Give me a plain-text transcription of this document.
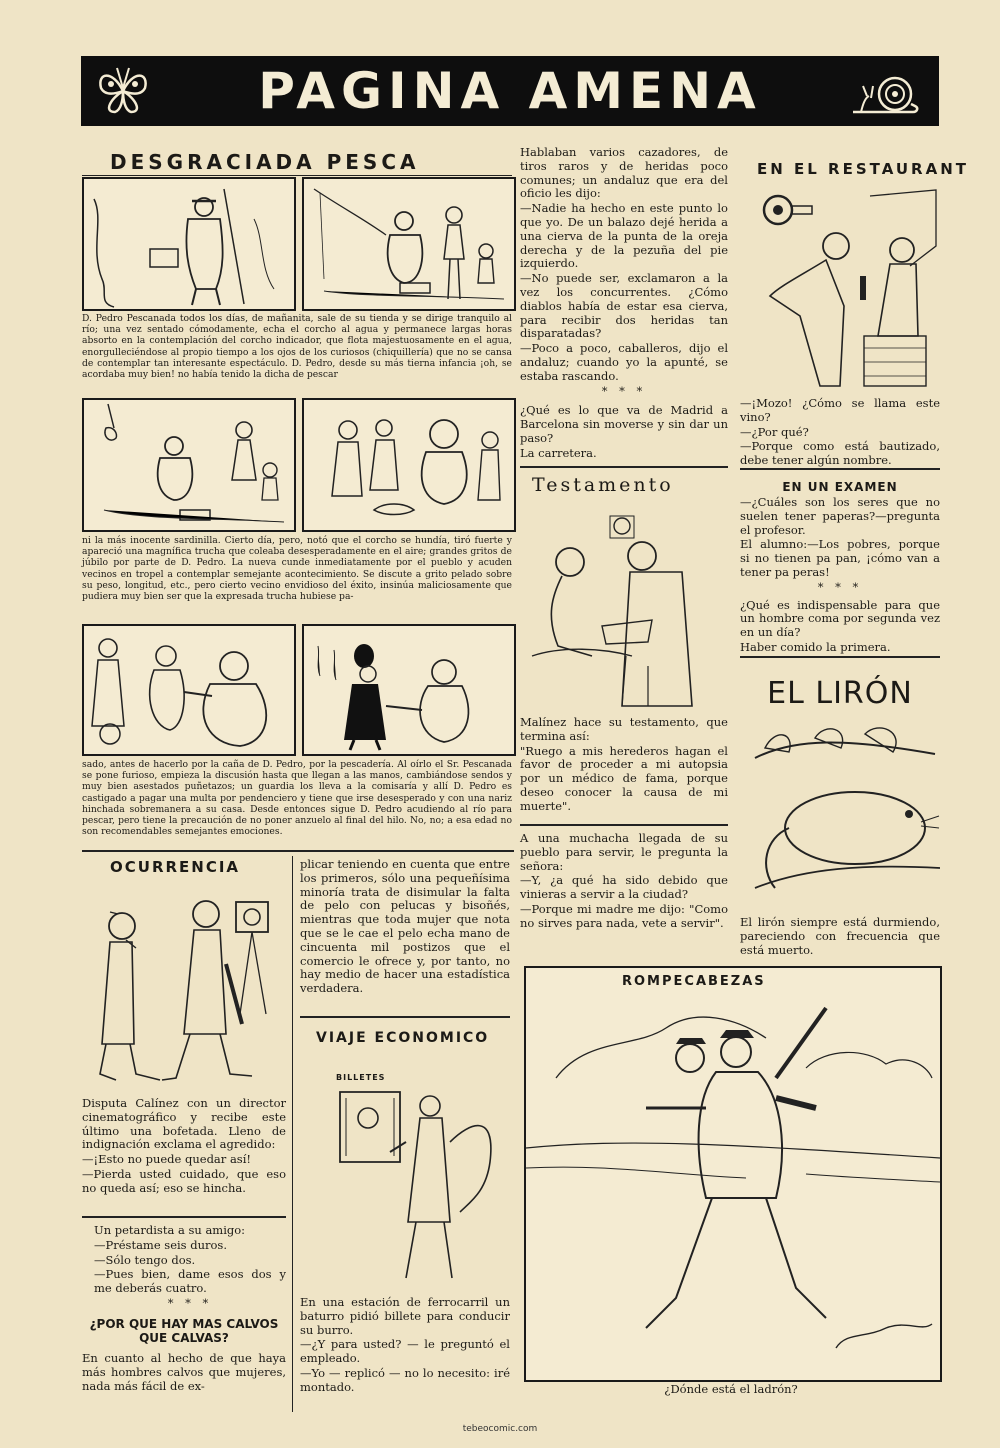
PAGINA AMENA
DESGRACIADA PESCA
D. Pedro Pescanada todos los días, de mañanita, sale de su tienda y se dirige tranquilo al río; una vez sentado cómodamente, echa el corcho al agua y permanece largas horas absorto en la contemplación del corcho indicador, que flota majestuosamente en el agua, enorgulleciéndose al propio tiempo a los ojos de los curiosos (chiquillería) que no se cansa de contemplar tan interesante espectáculo. D. Pedro, desde su más tierna infancia ¡oh, se acordaba muy bien! no había tenido la dicha de pescar
ni la más inocente sardinilla. Cierto día, pero, notó que el corcho se hundía, tiró fuerte y apareció una magnífica trucha que coleaba desesperadamente en el aire; grandes gritos de júbilo por parte de D. Pedro. La nueva cunde inmediatamente por el pueblo y acuden vecinos en tropel a contemplar semejante acontecimiento. Se discute a grito pelado sobre su peso, longitud, etc., pero cierto vecino envidioso del éxito, insinúa maliciosamente que pudiera muy bien ser que la expresada trucha hubiese pa-
sado, antes de hacerlo por la caña de D. Pedro, por la pescadería. Al oírlo el Sr. Pescanada se pone furioso, empieza la discusión hasta que llegan a las manos, cambiándose sendos y muy bien asestados puñetazos; un guardia los lleva a la comisaría y allí D. Pedro es castigado a pagar una multa por pendenciero y tiene que irse desesperado y con una nariz hinchada sobremanera a su casa. Desde entonces sigue D. Pedro acudiendo al río para pescar, pero tiene la precaución de no poner anzuelo al final del hilo. No, no; a esa edad no son recomendables semejantes emociones.

Hablaban varios cazadores, de tiros raros y de heridas poco comunes; un andaluz que era del oficio les dijo:

—Nadie ha hecho en este punto lo que yo. De un balazo dejé herida a una cierva de la punta de la oreja derecha y de la pezuña del pie izquierdo.

—No puede ser, exclamaron a la vez los concurrentes. ¿Cómo diablos había de estar esa cierva, para recibir dos heridas tan disparatadas?

—Poco a poco, caballeros, dijo el andaluz; cuando yo la apunté, se estaba rascando.

* * *

¿Qué es lo que va de Madrid a Barcelona sin moverse y sin dar un paso?

La carretera.

Testamento

Malínez hace su testamento, que termina así:

"Ruego a mis herederos hagan el favor de proceder a mi autopsia por un médico de fama, porque deseo conocer la causa de mi muerte".

A una muchacha llegada de su pueblo para servir, le pregunta la señora:

—Y, ¿a qué ha sido debido que vinieras a servir a la ciudad?

—Porque mi madre me dijo: "Como no sirves para nada, vete a servir".

EN EL RESTAURANT

—¡Mozo! ¿Cómo se llama este vino?

—¿Por qué?

—Porque como está bautizado, debe tener algún nombre.

EN UN EXAMEN

—¿Cuáles son los seres que no suelen tener paperas?—pregunta el profesor.

El alumno:—Los pobres, porque si no tienen pa pan, ¡cómo van a tener pa peras!

* * *

¿Qué es indispensable para que un hombre coma por segunda vez en un día?

Haber comido la primera.

EL LIRÓN
El lirón siempre está durmiendo, pareciendo con frecuencia que está muerto.
OCURRENCIA

Disputa Calínez con un director cinematográfico y recibe este último una bofetada. Lleno de indignación exclama el agredido:

—¡Esto no puede quedar así!

—Pierda usted cuidado, que eso no queda así; eso se hincha.

Un petardista a su amigo:

—Préstame seis duros.

—Sólo tengo dos.

—Pues bien, dame esos dos y me deberás cuatro.

* * *

¿POR QUE HAY MAS CALVOS QUE CALVAS?
En cuanto al hecho de que haya más hombres calvos que mujeres, nada más fácil de ex-
plicar teniendo en cuenta que entre los primeros, sólo una pequeñísima minoría trata de disimular la falta de pelo con pelucas y bisoñés, mientras que toda mujer que nota que se le cae el pelo echa mano de cincuenta mil postizos que el comercio le ofrece y, por tanto, no hay medio de hacer una estadística verdadera.
VIAJE ECONOMICO
BILLETES

En una estación de ferrocarril un baturro pidió billete para conducir su burro.

—¿Y para usted? — le preguntó el empleado.

—Yo — replicó — no lo necesito: iré montado.

ROMPECABEZAS
¿Dónde está el ladrón?
tebeocomic.com
